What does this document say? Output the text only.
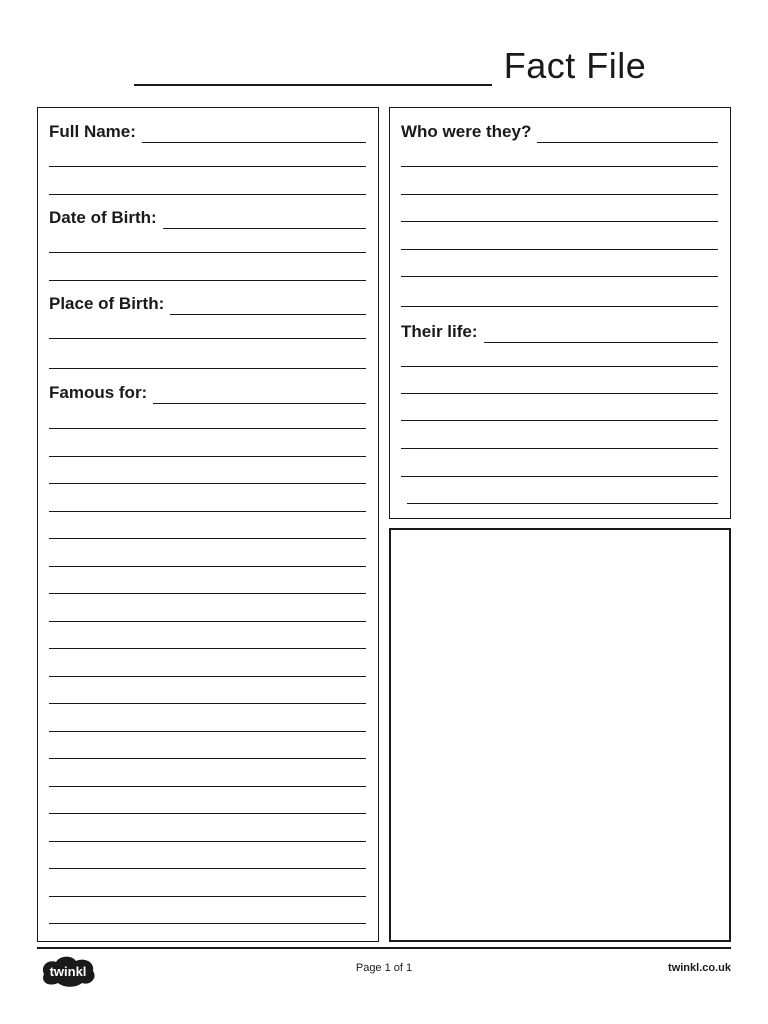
Fact File
Full Name:
Date of Birth:
Place of Birth:
Famous for:
Who were they?
Their life:
twinkl	Page 1 of 1	twinkl.co.uk
